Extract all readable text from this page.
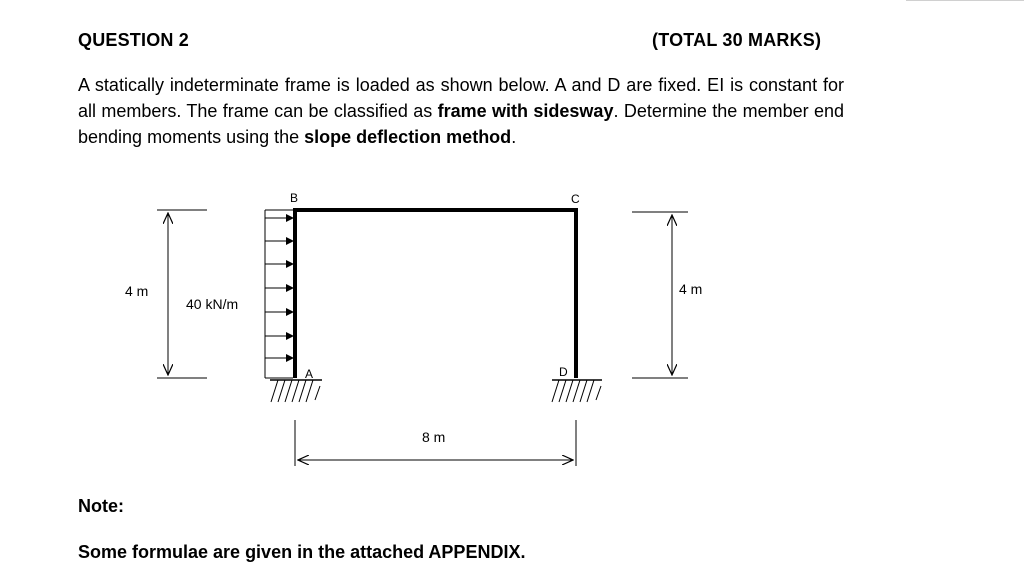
QUESTION 2	(TOTAL 30 MARKS)
A statically indeterminate frame is loaded as shown below. A and D are fixed. EI is constant for all members. The frame can be classified as frame with sidesway. Determine the member end bending moments using the slope deflection method.
B	C
A	D
40 kN/m
4 m	4 m
8 m
Note:
Some formulae are given in the attached APPENDIX.
